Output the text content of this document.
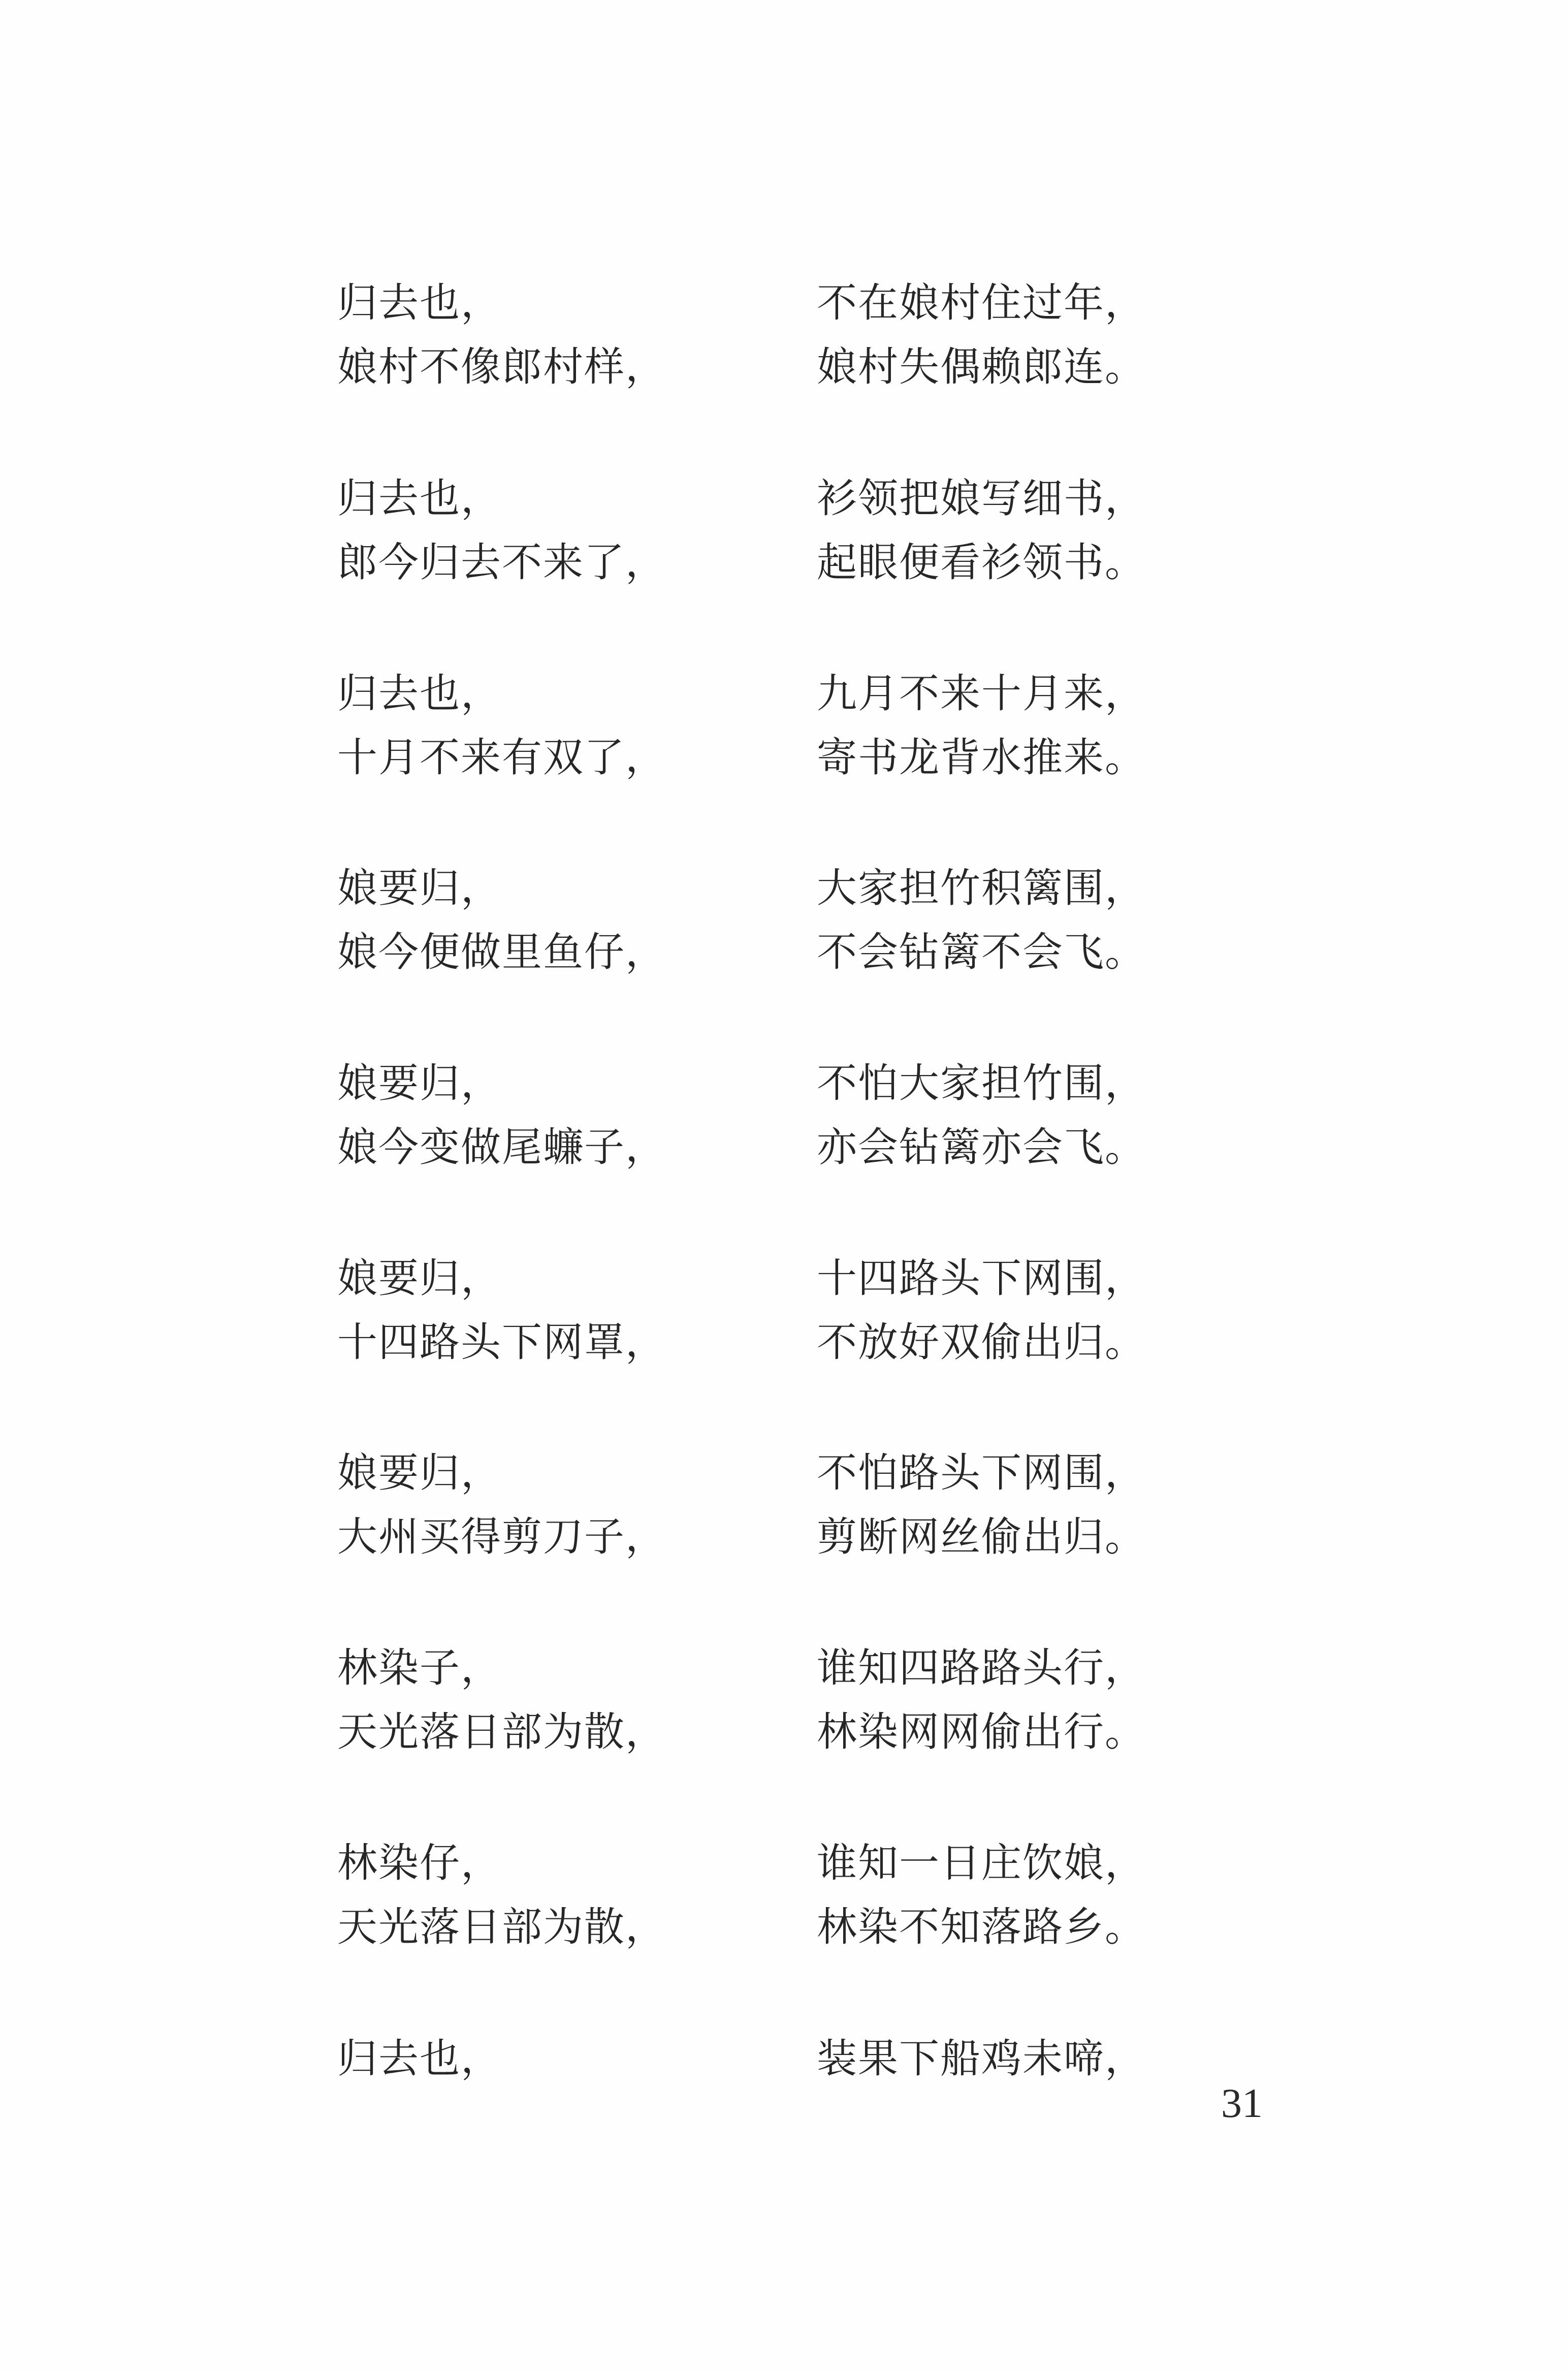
归去也，	不在娘村住过年，
娘村不像郎村样，	娘村失偶赖郎连。
归去也，	衫领把娘写细书，
郎今归去不来了，	起眼便看衫领书。
归去也，	九月不来十月来，
十月不来有双了，	寄书龙背水推来。
娘要归，	大家担竹积篱围，
娘今便做里鱼仔，	不会钻篱不会飞。
娘要归，	不怕大家担竹围，
娘今变做尾蠊子，	亦会钻篱亦会飞。
娘要归，	十四路头下网围，
十四路头下网罩，	不放好双偷出归。
娘要归，	不怕路头下网围，
大州买得剪刀子，	剪断网丝偷出归。
林染子，	谁知四路路头行，
天光落日部为散，	林染网网偷出行。
林染仔，	谁知一日庄饮娘，
天光落日部为散，	林染不知落路乡。
归去也，	装果下船鸡未啼，
31
